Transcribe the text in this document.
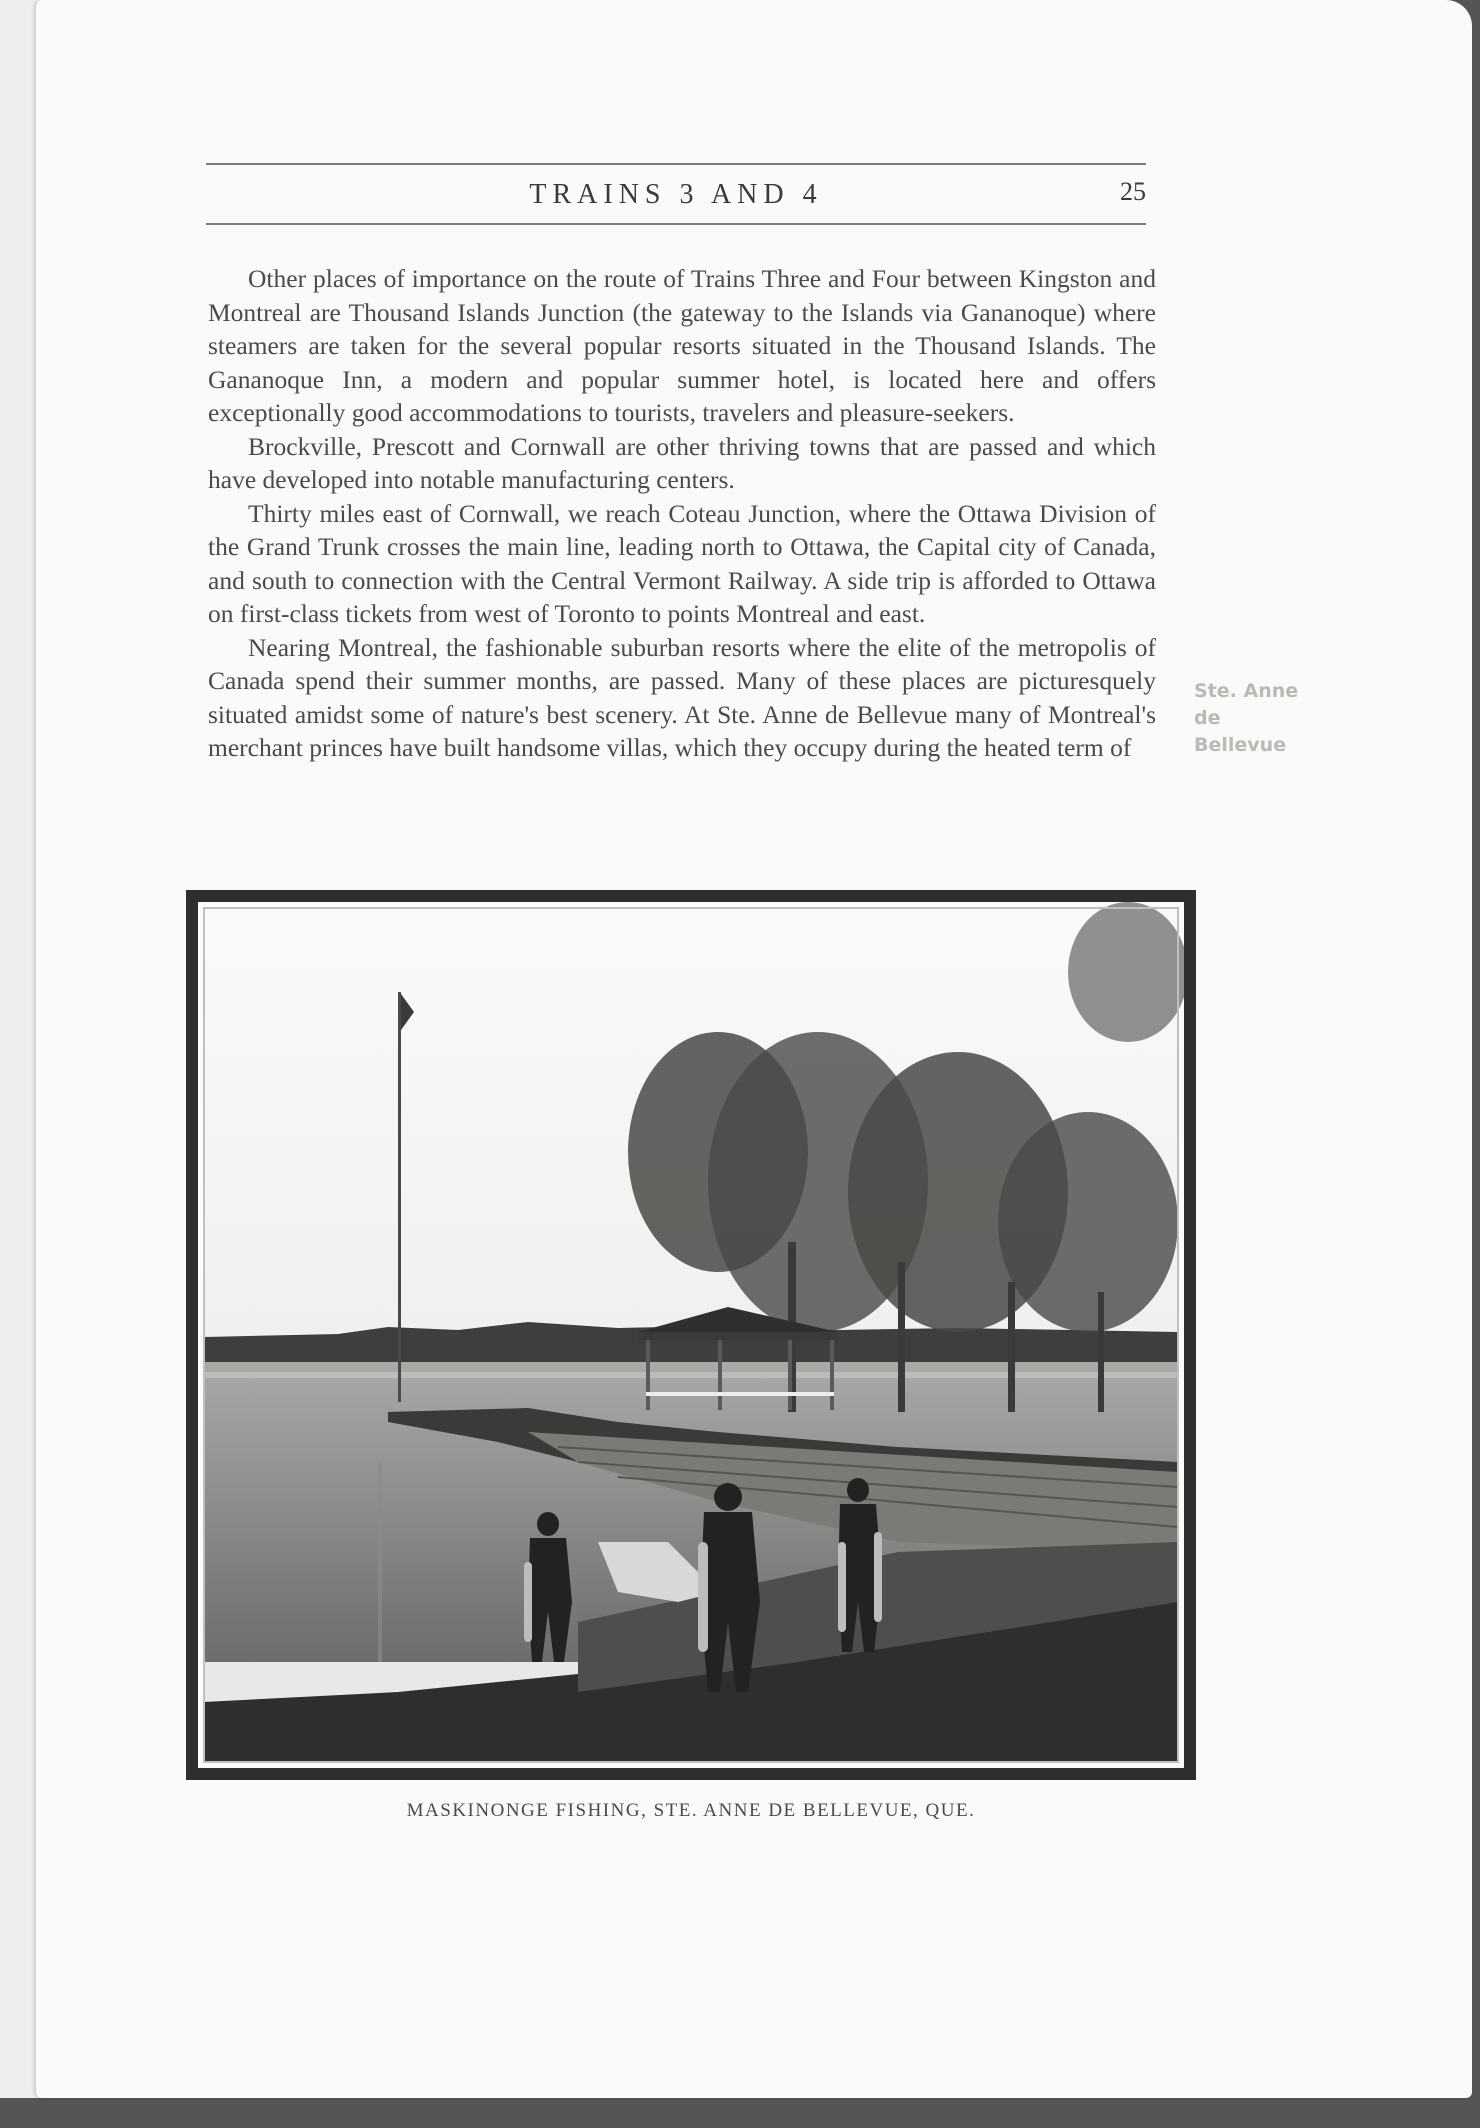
TRAINS 3 AND 4	25

Other places of importance on the route of Trains Three and Four between Kingston and Montreal are Thousand Islands Junction (the gateway to the Islands via Gananoque) where steamers are taken for the several popular resorts situated in the Thousand Islands. The Gananoque Inn, a modern and popular summer hotel, is located here and offers exceptionally good accommodations to tourists, travelers and pleasure-seekers.

Brockville, Prescott and Cornwall are other thriving towns that are passed and which have developed into notable manufacturing centers.

Thirty miles east of Cornwall, we reach Coteau Junction, where the Ottawa Division of the Grand Trunk crosses the main line, leading north to Ottawa, the Capital city of Canada, and south to connection with the Central Vermont Railway. A side trip is afforded to Ottawa on first-class tickets from west of Toronto to points Montreal and east.

Nearing Montreal, the fashionable suburban resorts where the elite of the metropolis of Canada spend their summer months, are passed. Many of these places are picturesquely situated amidst some of nature's best scenery. At Ste. Anne de Bellevue many of Montreal's merchant princes have built handsome villas, which they occupy during the heated term of

Ste. Anne
de
Bellevue
MASKINONGE FISHING, STE. ANNE DE BELLEVUE, QUE.
